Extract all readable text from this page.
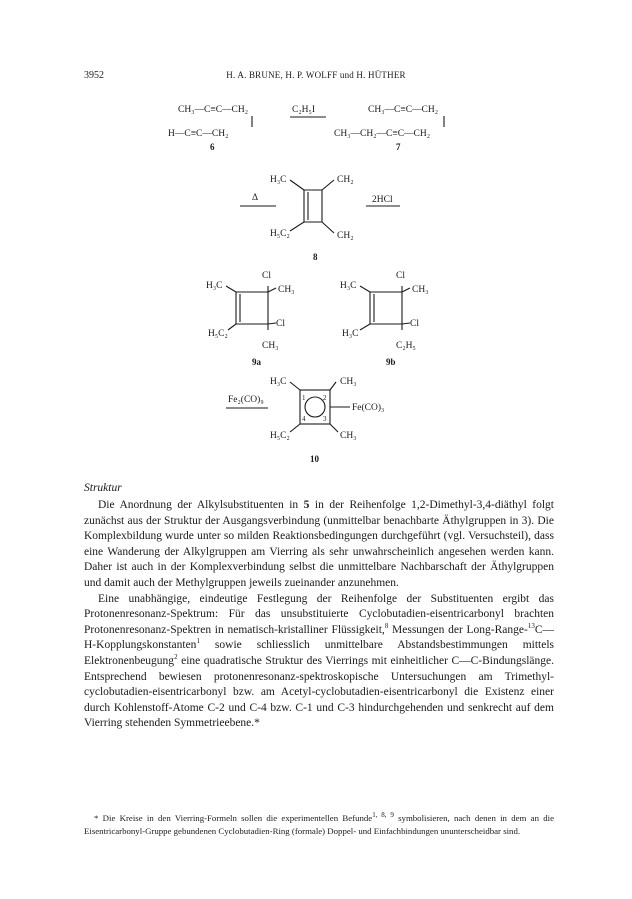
3952	H. A. BRUNE, H. P. WOLFF und H. HÜTHER
CH₃—C≡C—CH₂
H—C≡C—CH₂
6
C₂H₅I	CH₃—C≡C—CH₂
CH₃—CH₂—C≡C—CH₂
7
Δ
H₃C	CH₂
H₅C₂	CH₂
8
2HCl
H₃C
Cl
CH₃
H₅C₂
Cl
CH₃
9a
H₃C
Cl
CH₃
H₃C
Cl
C₂H₅
9b
Fe₂(CO)₉
H₃C	CH₃
H₅C₂	CH₃
Fe(CO)₃
1	2
3
4
10
Struktur

Die Anordnung der Alkylsubstituenten in 5 in der Reihenfolge 1,2-Dimethyl-3,4-diäthyl folgt zunächst aus der Struktur der Ausgangsverbindung (unmittelbar benachbarte Äthylgruppen in 3). Die Komplexbildung wurde unter so milden Reaktionsbedingungen durchgeführt (vgl. Versuchsteil), dass eine Wanderung der Alkylgruppen am Vierring als sehr unwahrscheinlich angesehen werden kann. Daher ist auch in der Komplexverbindung selbst die unmittelbare Nachbarschaft der Äthylgruppen und damit auch der Methylgruppen jeweils zueinander anzunehmen.

Eine unabhängige, eindeutige Festlegung der Reihenfolge der Substituenten ergibt das Protonenresonanz-Spektrum: Für das unsubstituierte Cyclobutadien-eisentricarbonyl brachten Protonenresonanz-Spektren in nematisch-kristalliner Flüssigkeit,$^8$ Messungen der Long-Range-$^{13}$C—H-Kopplungskonstanten$^1$ sowie schliesslich unmittelbare Abstandsbestimmungen mittels Elektronenbeugung$^2$ eine quadratische Struktur des Vierrings mit einheitlicher C—C-Bindungslänge. Entsprechend bewiesen protonenresonanz-spektroskopische Untersuchungen am Trimethyl-cyclobutadien-eisentricarbonyl bzw. am Acetyl-cyclobutadien-eisentricarbonyl die Existenz einer durch Kohlenstoff-Atome C-2 und C-4 bzw. C-1 und C-3 hindurchgehenden und senkrecht auf dem Vierring stehenden Symmetrieebene.*

* Die Kreise in den Vierring-Formeln sollen die experimentellen Befunde$^{1, 8, 9}$ symbolisieren, nach denen in dem an die Eisentricarbonyl-Gruppe gebundenen Cyclobutadien-Ring (formale) Doppel- und Einfachbindungen ununterscheidbar sind.
